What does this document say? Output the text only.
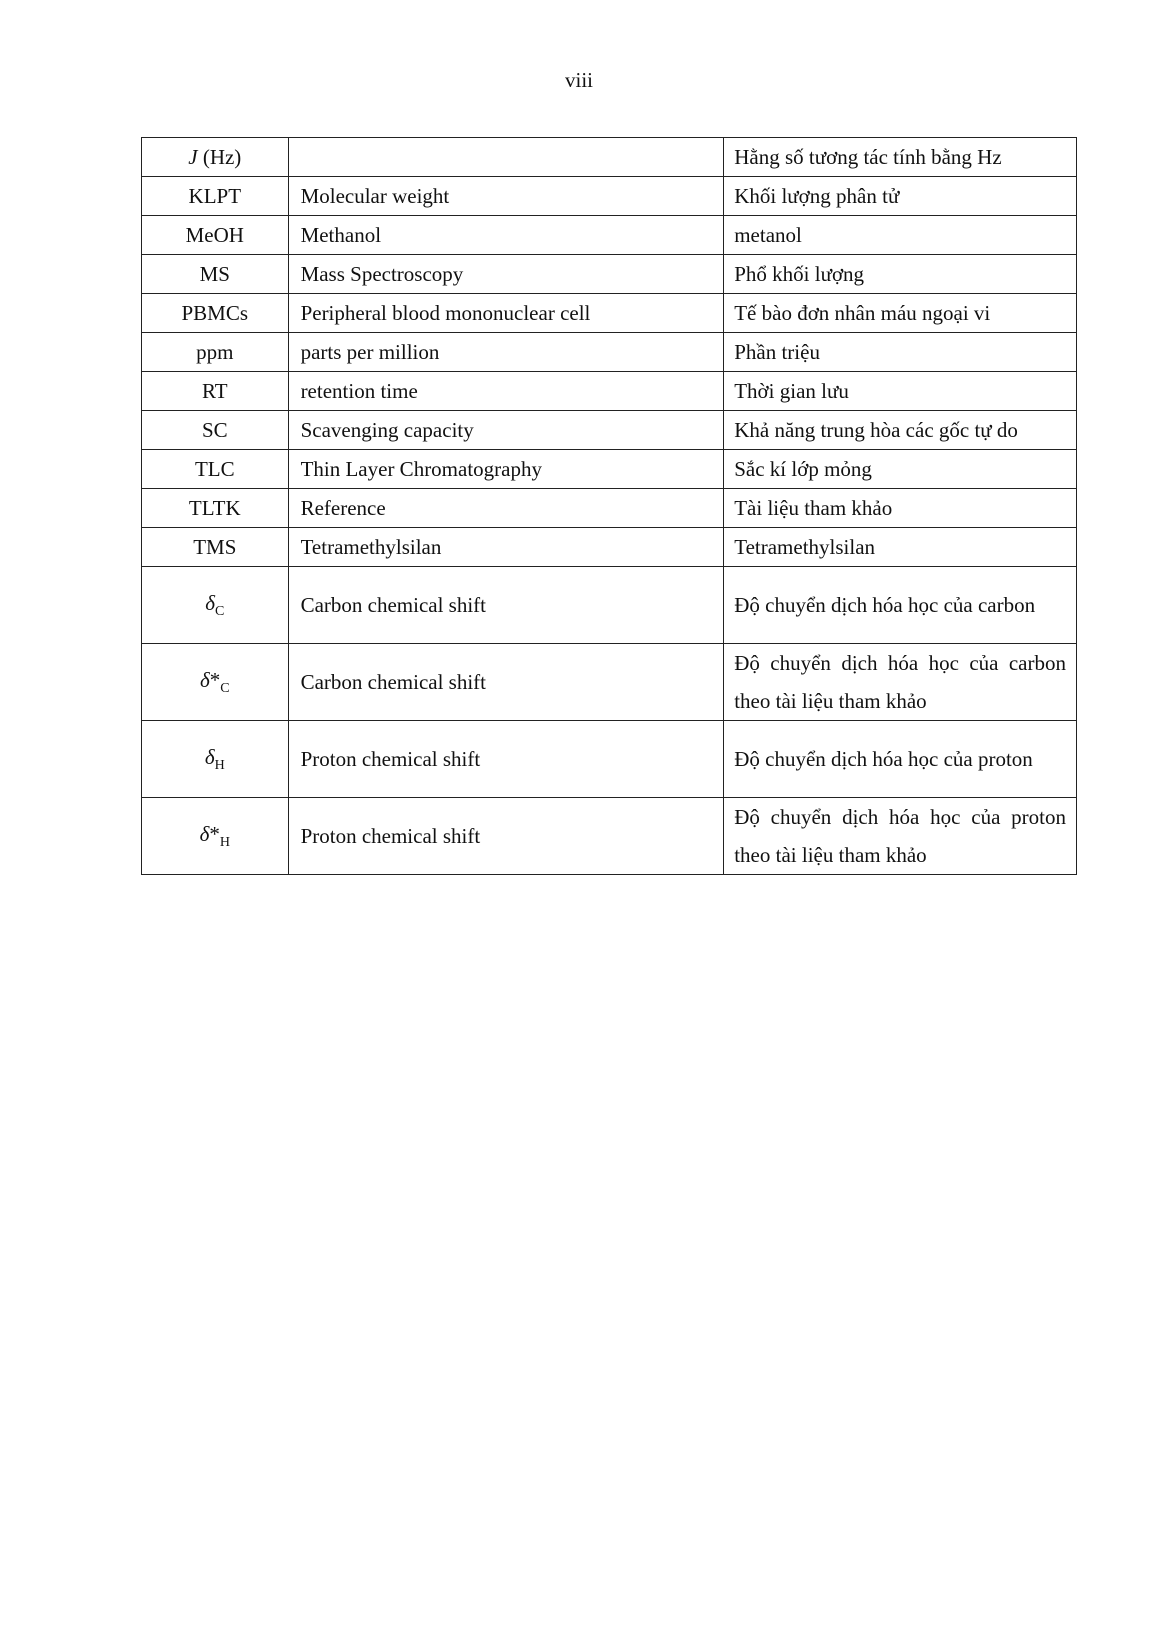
viii
J (Hz)		Hằng số tương tác tính bằng Hz
KLPT	Molecular weight	Khối lượng phân tử
MeOH	Methanol	metanol
MS	Mass Spectroscopy	Phổ khối lượng
PBMCs	Peripheral blood mononuclear cell	Tế bào đơn nhân máu ngoại vi
ppm	parts per million	Phần triệu
RT	retention time	Thời gian lưu
SC	Scavenging capacity	Khả năng trung hòa các gốc tự do
TLC	Thin Layer Chromatography	Sắc kí lớp mỏng
TLTK	Reference	Tài liệu tham khảo
TMS	Tetramethylsilan	Tetramethylsilan
$\delta_C$	Carbon chemical shift	Độ chuyển dịch hóa học của carbon
$\delta*_C$	Carbon chemical shift	Độ chuyển dịch hóa học của carbon theo tài liệu tham khảo
$\delta_H$	Proton chemical shift	Độ chuyển dịch hóa học của proton
$\delta*_H$	Proton chemical shift	Độ chuyển dịch hóa học của proton theo tài liệu tham khảo
